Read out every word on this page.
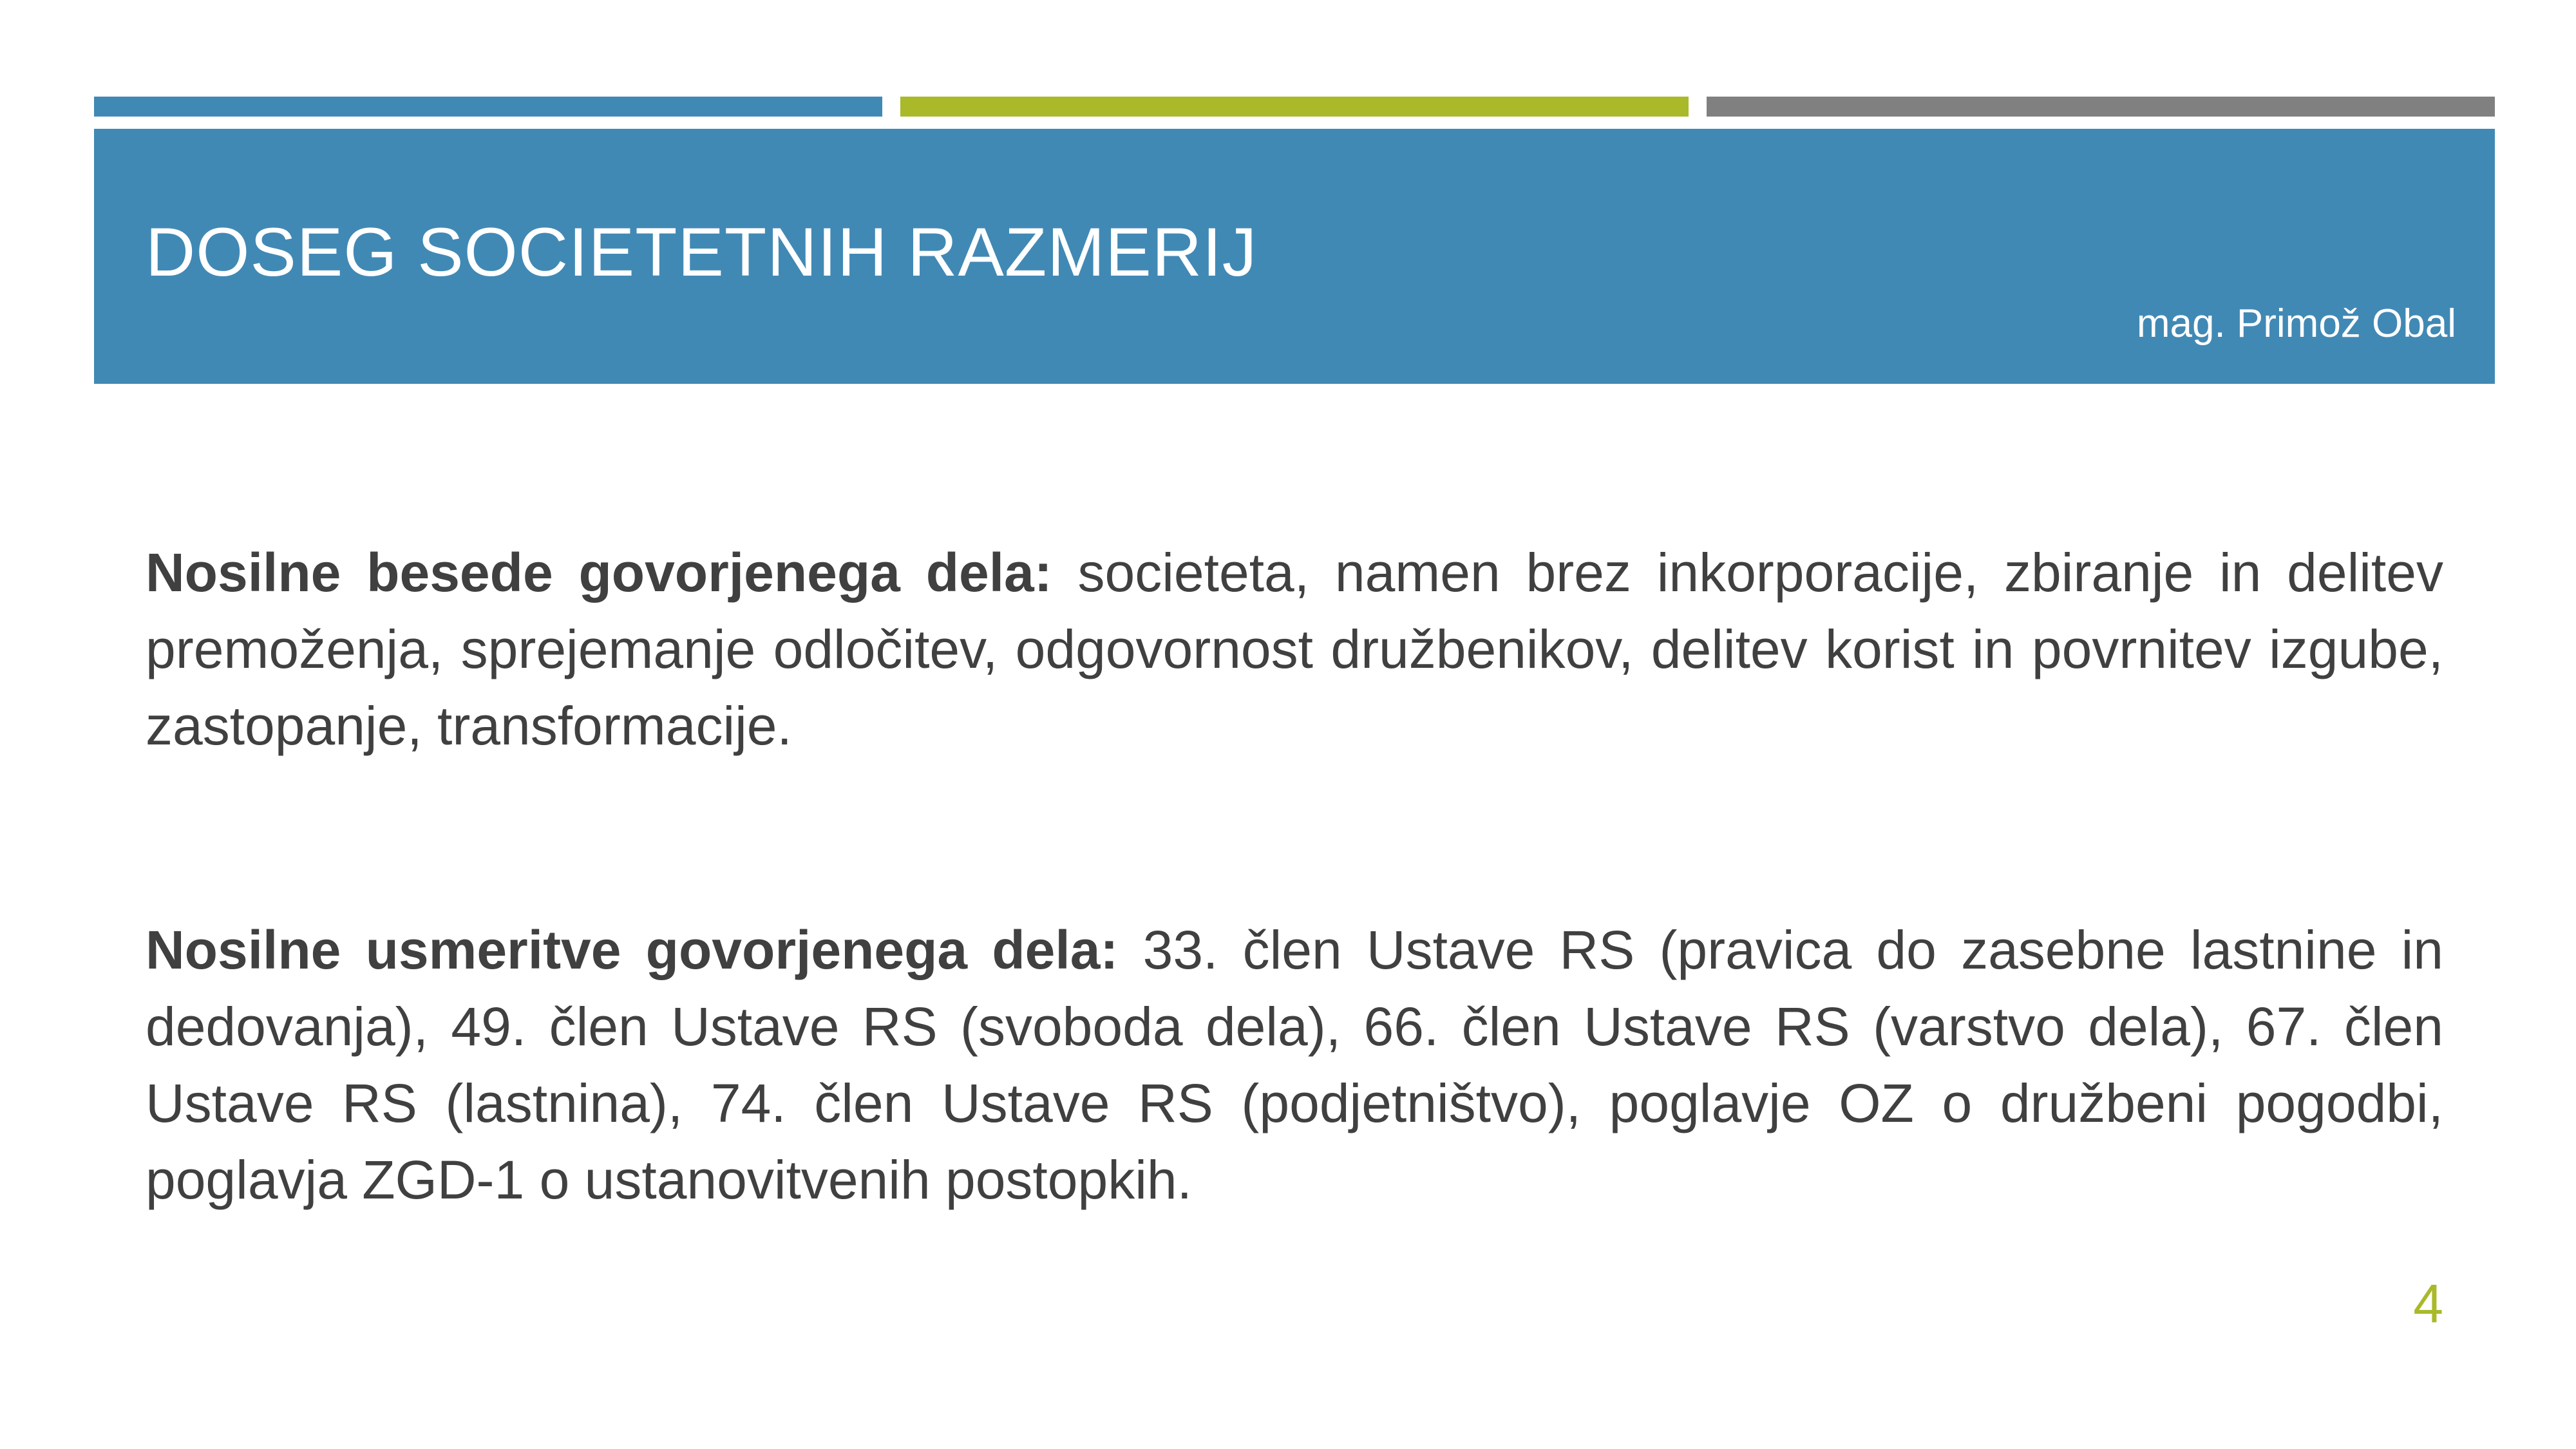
DOSEG SOCIETETNIH RAZMERIJ
mag. Primož Obal

Nosilne besede govorjenega dela: societeta, namen brez inkorporacije, zbiranje in delitev premoženja, sprejemanje odločitev, odgovornost družbenikov, delitev korist in povrnitev izgube, zastopanje, transformacije.

Nosilne usmeritve govorjenega dela: 33. člen Ustave RS (pravica do zasebne lastnine in dedovanja), 49. člen Ustave RS (svoboda dela), 66. člen Ustave RS (varstvo dela), 67. člen Ustave RS (lastnina), 74. člen Ustave RS (podjetništvo), poglavje OZ o družbeni pogodbi, poglavja ZGD-1 o ustanovitvenih postopkih.

4
